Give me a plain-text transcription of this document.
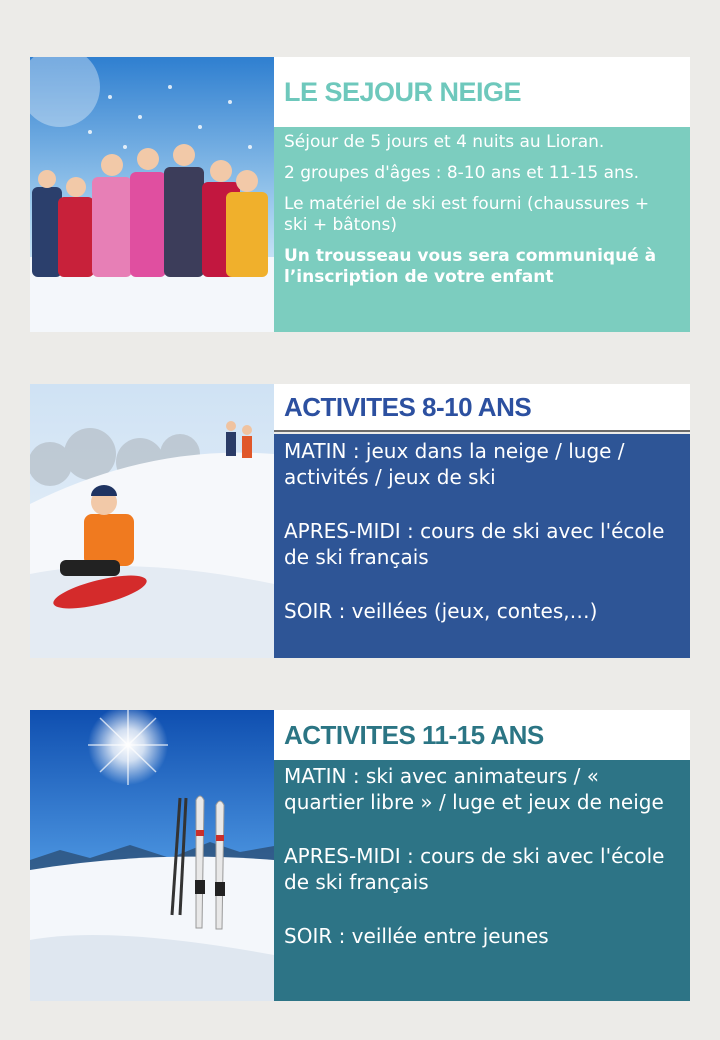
LE SEJOUR NEIGE

Séjour de 5 jours et 4 nuits au Lioran.

2 groupes d'âges : 8-10 ans et 11-15 ans.

Le matériel de ski est fourni (chaussures + ski + bâtons)

Un trousseau vous sera communiqué à l’inscription de votre enfant

ACTIVITES 8-10 ANS

MATIN : jeux dans la neige / luge / activités / jeux de ski

APRES-MIDI : cours de ski avec l'école de ski français

SOIR : veillées (jeux, contes,…)

ACTIVITES 11-15 ANS

MATIN : ski avec animateurs / « quartier libre » / luge et jeux de neige

APRES-MIDI : cours de ski avec l'école de ski français

SOIR : veillée entre jeunes
